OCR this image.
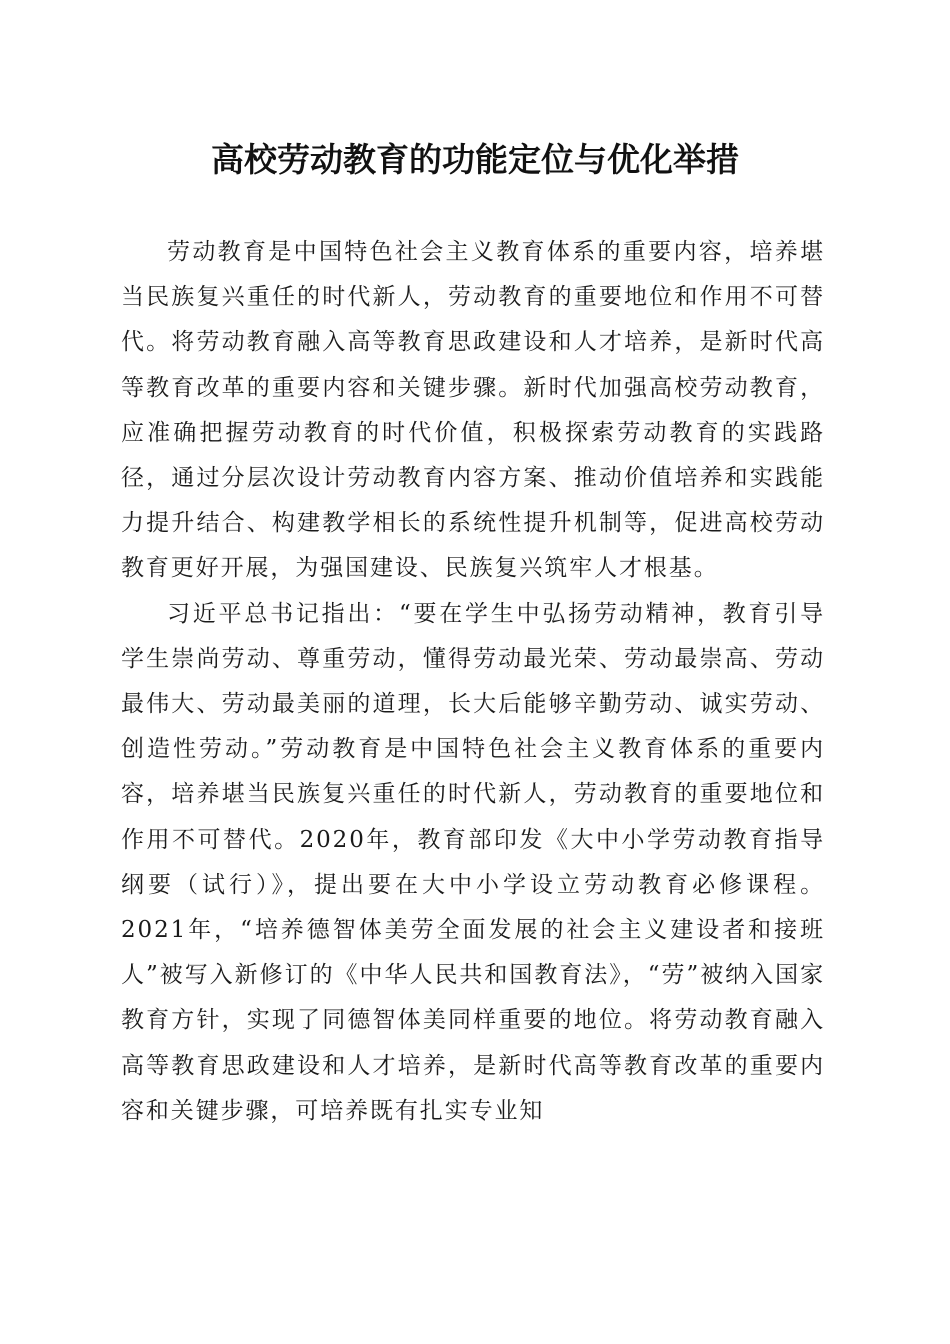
高校劳动教育的功能定位与优化举措

劳动教育是中国特色社会主义教育体系的重要内容，培养堪当民族复兴重任的时代新人，劳动教育的重要地位和作用不可替代。将劳动教育融入高等教育思政建设和人才培养，是新时代高等教育改革的重要内容和关键步骤。新时代加强高校劳动教育，应准确把握劳动教育的时代价值，积极探索劳动教育的实践路径，通过分层次设计劳动教育内容方案、推动价值培养和实践能力提升结合、构建教学相长的系统性提升机制等，促进高校劳动教育更好开展，为强国建设、民族复兴筑牢人才根基。

习近平总书记指出：“要在学生中弘扬劳动精神，教育引导学生崇尚劳动、尊重劳动，懂得劳动最光荣、劳动最崇高、劳动最伟大、劳动最美丽的道理，长大后能够辛勤劳动、诚实劳动、创造性劳动。”劳动教育是中国特色社会主义教育体系的重要内容，培养堪当民族复兴重任的时代新人，劳动教育的重要地位和作用不可替代。2020年，教育部印发《大中小学劳动教育指导纲要（试行）》，提出要在大中小学设立劳动教育必修课程。2021年，“培养德智体美劳全面发展的社会主义建设者和接班人”被写入新修订的《中华人民共和国教育法》，“劳”被纳入国家教育方针，实现了同德智体美同样重要的地位。将劳动教育融入高等教育思政建设和人才培养，是新时代高等教育改革的重要内容和关键步骤，可培养既有扎实专业知
